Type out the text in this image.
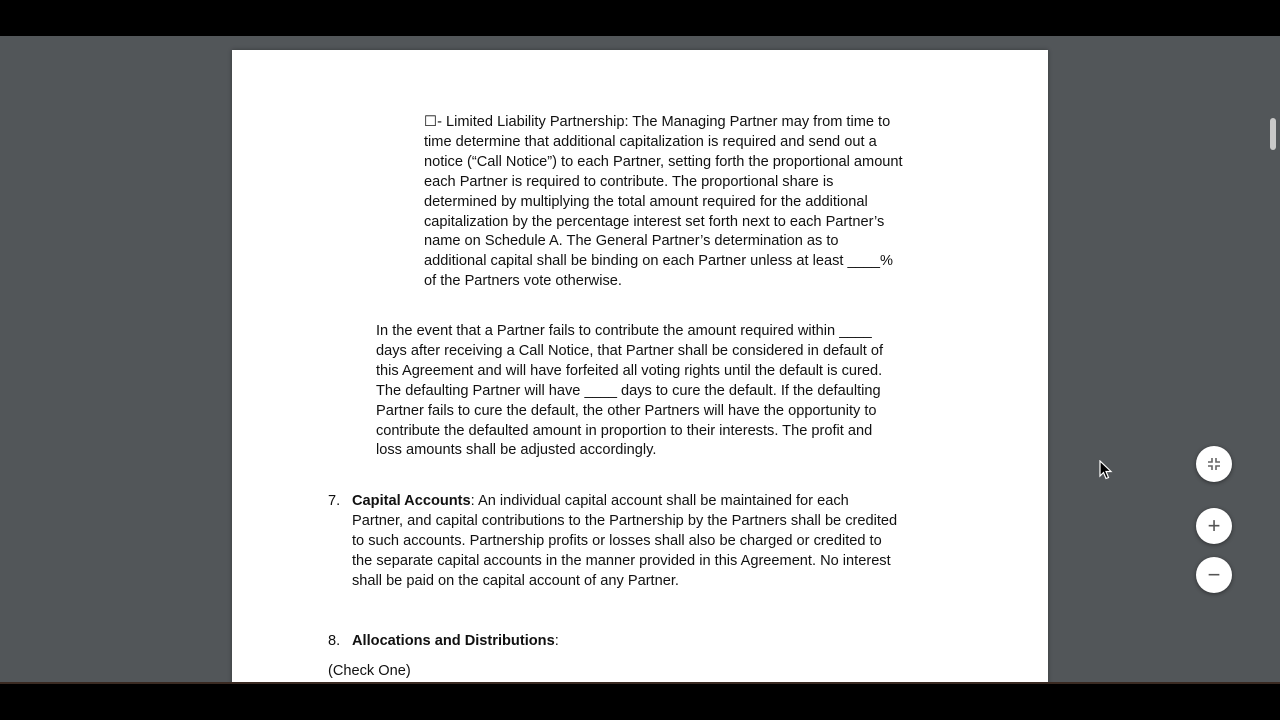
☐- Limited Liability Partnership: The Managing Partner may from time to
time determine that additional capitalization is required and send out a
notice (“Call Notice”) to each Partner, setting forth the proportional amount
each Partner is required to contribute. The proportional share is
determined by multiplying the total amount required for the additional
capitalization by the percentage interest set forth next to each Partner’s
name on Schedule A. The General Partner’s determination as to
additional capital shall be binding on each Partner unless at least ____%
of the Partners vote otherwise.

In the event that a Partner fails to contribute the amount required within ____
days after receiving a Call Notice, that Partner shall be considered in default of
this Agreement and will have forfeited all voting rights until the default is cured.
The defaulting Partner will have ____ days to cure the default. If the defaulting
Partner fails to cure the default, the other Partners will have the opportunity to
contribute the defaulted amount in proportion to their interests. The profit and
loss amounts shall be adjusted accordingly.

7. Capital Accounts: An individual capital account shall be maintained for each
Partner, and capital contributions to the Partnership by the Partners shall be credited
to such accounts. Partnership profits or losses shall also be charged or credited to
the separate capital accounts in the manner provided in this Agreement. No interest
shall be paid on the capital account of any Partner.

8. Allocations and Distributions:

(Check One)

+
−
